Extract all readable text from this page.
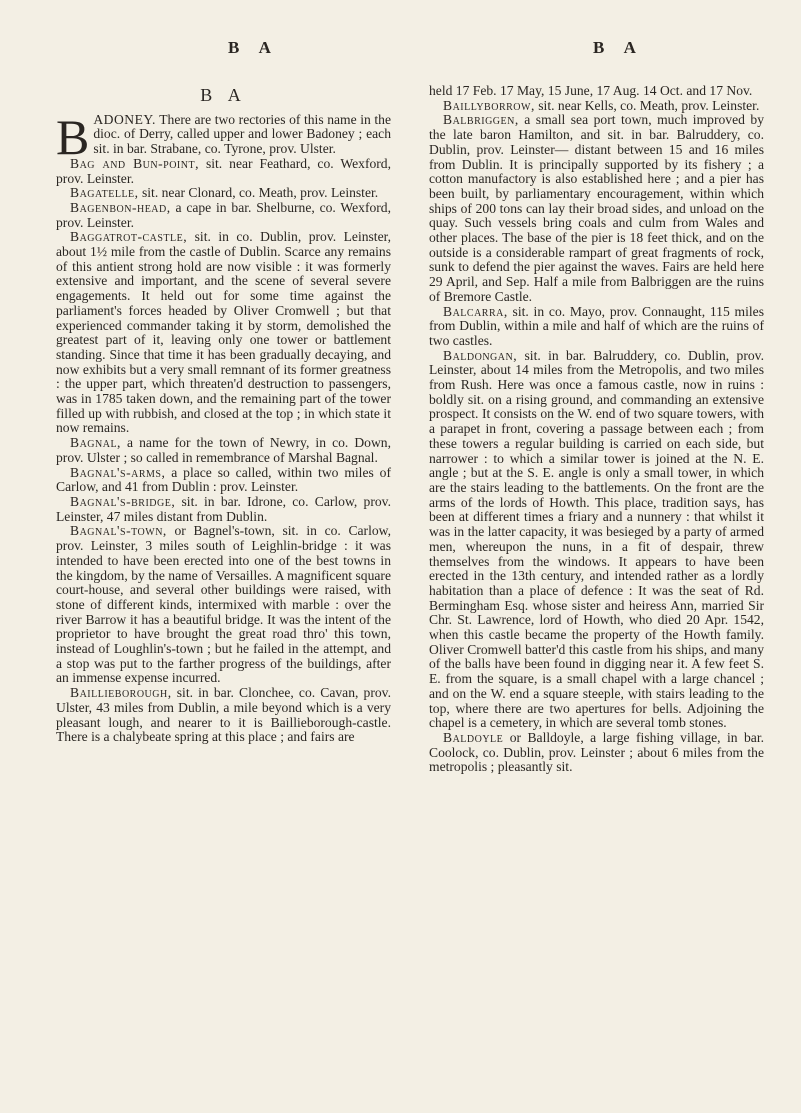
B A	B A
B A

BADONEY. There are two rectories of this name in the dioc. of Derry, called upper and lower Badoney ; each sit. in bar. Strabane, co. Tyrone, prov. Ulster.

Bag and Bun-point, sit. near Feathard, co. Wexford, prov. Leinster.

Bagatelle, sit. near Clonard, co. Meath, prov. Leinster.

Bagenbon-head, a cape in bar. Shelburne, co. Wexford, prov. Leinster.

Baggatrot-castle, sit. in co. Dublin, prov. Leinster, about 1½ mile from the castle of Dublin. Scarce any remains of this antient strong hold are now visible : it was formerly extensive and important, and the scene of several severe engagements. It held out for some time against the parliament's forces headed by Oliver Cromwell ; but that experienced commander taking it by storm, demolished the greatest part of it, leaving only one tower or battlement standing. Since that time it has been gradually decaying, and now exhibits but a very small remnant of its former greatness : the upper part, which threaten'd destruction to passengers, was in 1785 taken down, and the remaining part of the tower filled up with rubbish, and closed at the top ; in which state it now remains.

Bagnal, a name for the town of Newry, in co. Down, prov. Ulster ; so called in remembrance of Marshal Bagnal.

Bagnal's-arms, a place so called, within two miles of Carlow, and 41 from Dublin : prov. Leinster.

Bagnal's-bridge, sit. in bar. Idrone, co. Carlow, prov. Leinster, 47 miles distant from Dublin.

Bagnal's-town, or Bagnel's-town, sit. in co. Carlow, prov. Leinster, 3 miles south of Leighlin-bridge : it was intended to have been erected into one of the best towns in the kingdom, by the name of Versailles. A magnificent square court-house, and several other buildings were raised, with stone of different kinds, intermixed with marble : over the river Barrow it has a beautiful bridge. It was the intent of the proprietor to have brought the great road thro' this town, instead of Loughlin's-town ; but he failed in the attempt, and a stop was put to the farther progress of the buildings, after an immense expense incurred.

Baillieborough, sit. in bar. Clonchee, co. Cavan, prov. Ulster, 43 miles from Dublin, a mile beyond which is a very pleasant lough, and nearer to it is Baillieborough-castle. There is a chalybeate spring at this place ; and fairs are

held 17 Feb. 17 May, 15 June, 17 Aug. 14 Oct. and 17 Nov.

Baillyborrow, sit. near Kells, co. Meath, prov. Leinster.

Balbriggen, a small sea port town, much improved by the late baron Hamilton, and sit. in bar. Balruddery, co. Dublin, prov. Leinster— distant between 15 and 16 miles from Dublin. It is principally supported by its fishery ; a cotton manufactory is also established here ; and a pier has been built, by parliamentary encouragement, within which ships of 200 tons can lay their broad sides, and unload on the quay. Such vessels bring coals and culm from Wales and other places. The base of the pier is 18 feet thick, and on the outside is a considerable rampart of great fragments of rock, sunk to defend the pier against the waves. Fairs are held here 29 April, and Sep. Half a mile from Balbriggen are the ruins of Bremore Castle.

Balcarra, sit. in co. Mayo, prov. Connaught, 115 miles from Dublin, within a mile and half of which are the ruins of two castles.

Baldongan, sit. in bar. Balruddery, co. Dublin, prov. Leinster, about 14 miles from the Metropolis, and two miles from Rush. Here was once a famous castle, now in ruins : boldly sit. on a rising ground, and commanding an extensive prospect. It consists on the W. end of two square towers, with a parapet in front, covering a passage between each ; from these towers a regular building is carried on each side, but narrower : to which a similar tower is joined at the N. E. angle ; but at the S. E. angle is only a small tower, in which are the stairs leading to the battlements. On the front are the arms of the lords of Howth. This place, tradition says, has been at different times a friary and a nunnery : that whilst it was in the latter capacity, it was besieged by a party of armed men, whereupon the nuns, in a fit of despair, threw themselves from the windows. It appears to have been erected in the 13th century, and intended rather as a lordly habitation than a place of defence : It was the seat of Rd. Bermingham Esq. whose sister and heiress Ann, married Sir Chr. St. Lawrence, lord of Howth, who died 20 Apr. 1542, when this castle became the property of the Howth family. Oliver Cromwell batter'd this castle from his ships, and many of the balls have been found in digging near it. A few feet S. E. from the square, is a small chapel with a large chancel ; and on the W. end a square steeple, with stairs leading to the top, where there are two apertures for bells. Adjoining the chapel is a cemetery, in which are several tomb stones.

Baldoyle or Balldoyle, a large fishing village, in bar. Coolock, co. Dublin, prov. Leinster ; about 6 miles from the metropolis ; pleasantly sit.
